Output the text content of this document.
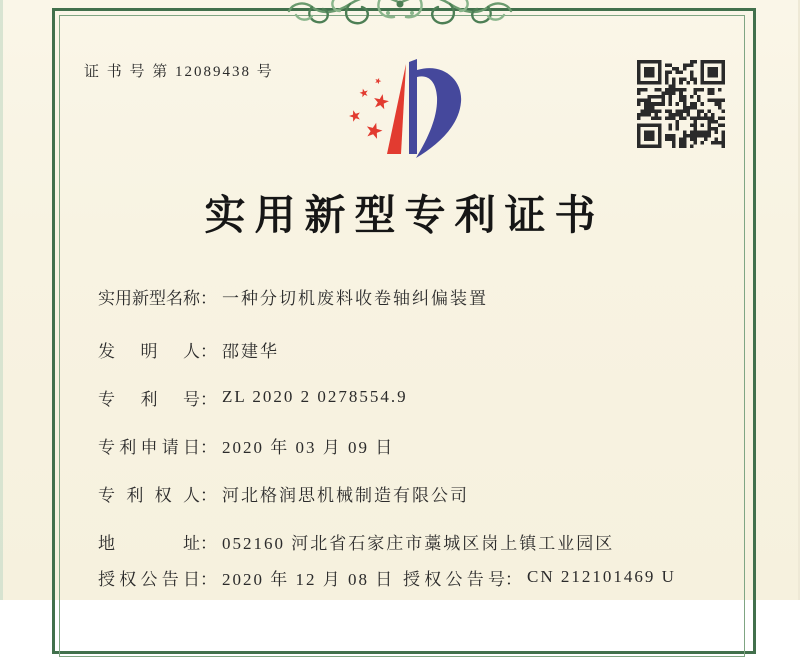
证 书 号 第 12089438 号
实用新型专利证书
实用新型名称 ： 一种分切机废料收卷轴纠偏装置
发明人 ： 邵建华
专利号 ： ZL 2020 2 0278554.9
专利申请日 ： 2020 年 03 月 09 日
专利权人 ： 河北格润思机械制造有限公司
地址 ： 052160 河北省石家庄市藁城区岗上镇工业园区
授权公告日 ： 2020 年 12 月 08 日 授权公告号 ： CN 212101469 U
